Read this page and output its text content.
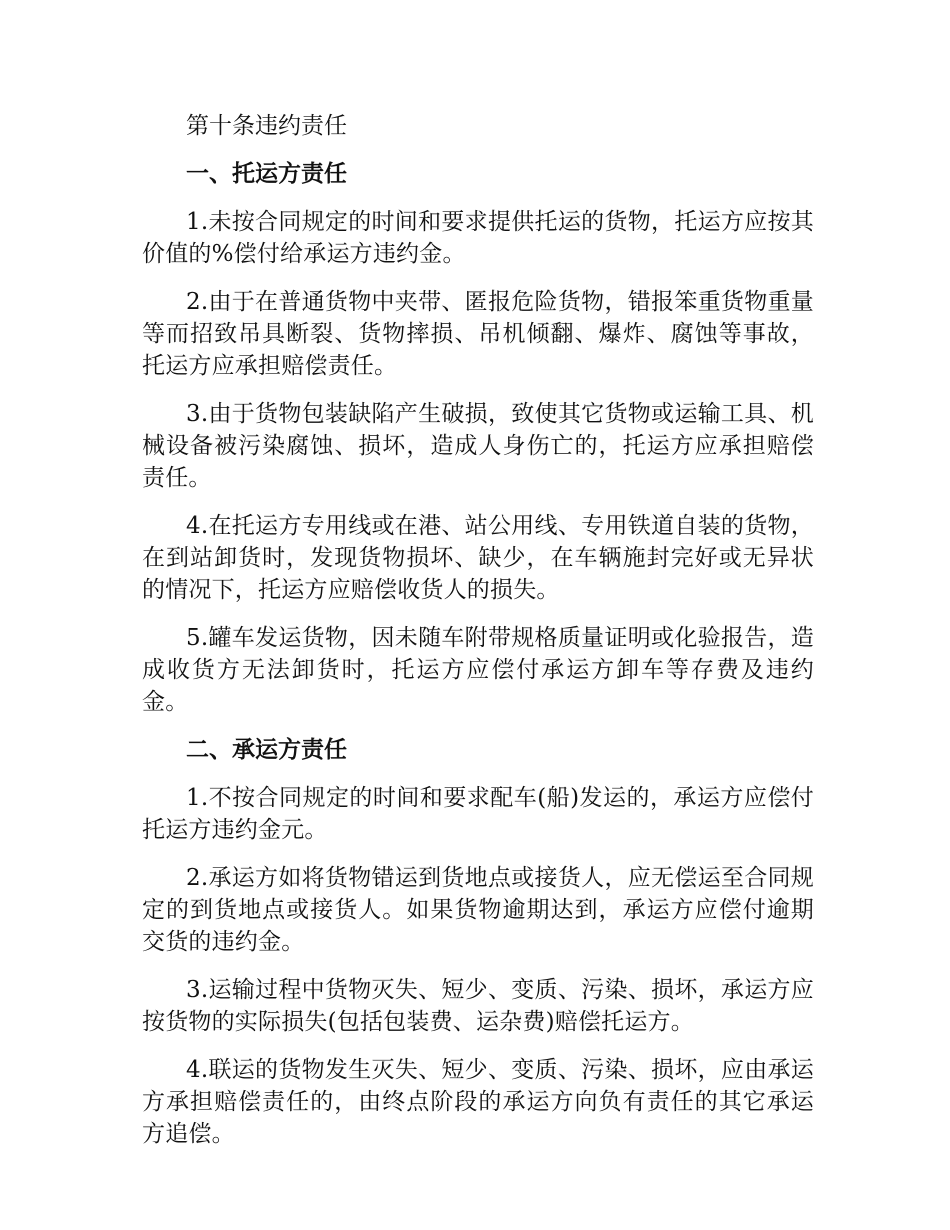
第十条违约责任

一、托运方责任

1.未按合同规定的时间和要求提供托运的货物，托运方应按其价值的%偿付给承运方违约金。

2.由于在普通货物中夹带、匿报危险货物，错报笨重货物重量等而招致吊具断裂、货物摔损、吊机倾翻、爆炸、腐蚀等事故，托运方应承担赔偿责任。

3.由于货物包装缺陷产生破损，致使其它货物或运输工具、机械设备被污染腐蚀、损坏，造成人身伤亡的，托运方应承担赔偿责任。

4.在托运方专用线或在港、站公用线、专用铁道自装的货物，在到站卸货时，发现货物损坏、缺少，在车辆施封完好或无异状的情况下，托运方应赔偿收货人的损失。

5.罐车发运货物，因未随车附带规格质量证明或化验报告，造成收货方无法卸货时，托运方应偿付承运方卸车等存费及违约金。

二、承运方责任

1.不按合同规定的时间和要求配车(船)发运的，承运方应偿付托运方违约金元。

2.承运方如将货物错运到货地点或接货人，应无偿运至合同规定的到货地点或接货人。如果货物逾期达到，承运方应偿付逾期交货的违约金。

3.运输过程中货物灭失、短少、变质、污染、损坏，承运方应按货物的实际损失(包括包装费、运杂费)赔偿托运方。

4.联运的货物发生灭失、短少、变质、污染、损坏，应由承运方承担赔偿责任的，由终点阶段的承运方向负有责任的其它承运方追偿。
